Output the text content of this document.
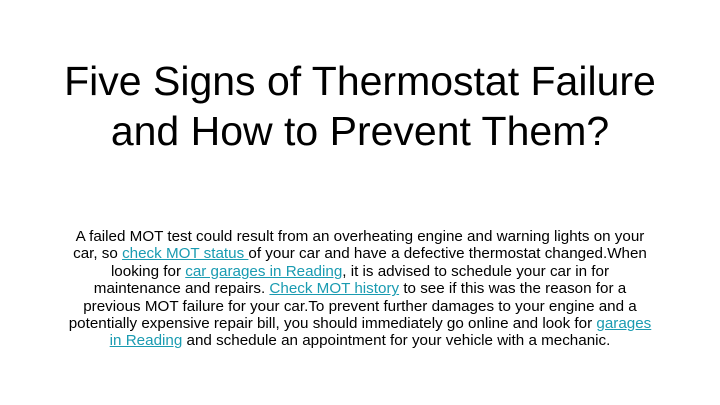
Five Signs of Thermostat Failure
and How to Prevent Them?

A failed MOT test could result from an overheating engine and warning lights on your
car, so check MOT status of your car and have a defective thermostat changed.When
looking for car garages in Reading, it is advised to schedule your car in for
maintenance and repairs. Check MOT history to see if this was the reason for a
previous MOT failure for your car.To prevent further damages to your engine and a
potentially expensive repair bill, you should immediately go online and look for garages
in Reading and schedule an appointment for your vehicle with a mechanic.
